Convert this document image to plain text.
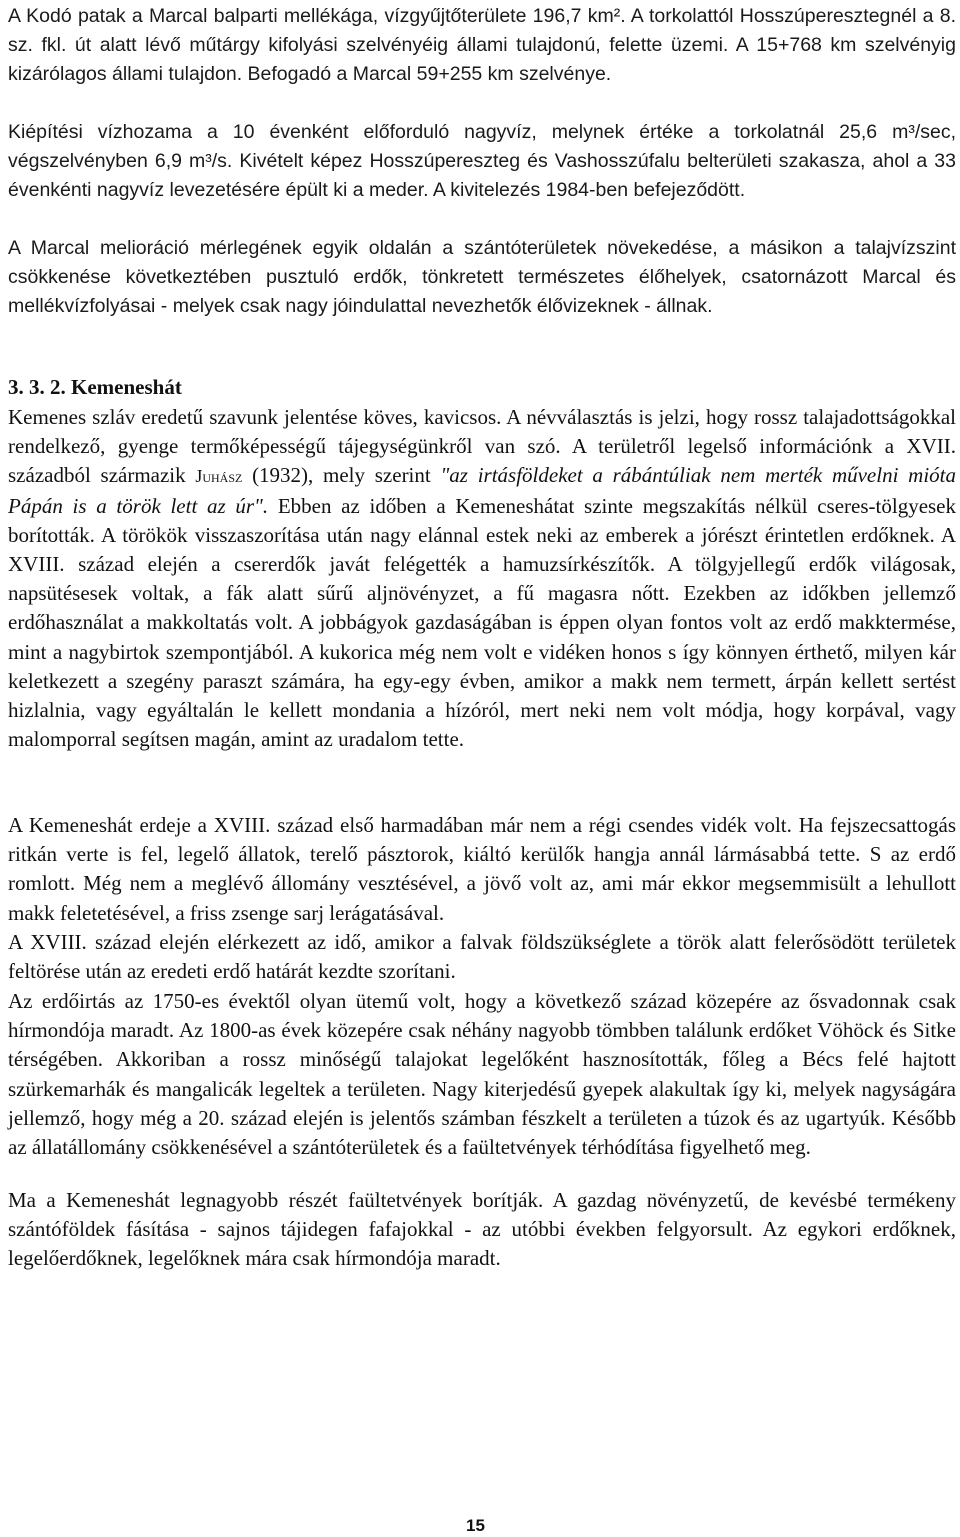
A Kodó patak a Marcal balparti mellékága, vízgyűjtőterülete 196,7 km². A torkolattól Hosszúperesztegnél a 8. sz. fkl. út alatt lévő műtárgy kifolyási szelvényéig állami tulajdonú, felette üzemi. A 15+768 km szelvényig kizárólagos állami tulajdon. Befogadó a Marcal 59+255 km szelvénye.

Kiépítési vízhozama a 10 évenként előforduló nagyvíz, melynek értéke a torkolatnál 25,6 m³/sec, végszelvényben 6,9 m³/s. Kivételt képez Hosszúpereszteg és Vashosszúfalu belterületi szakasza, ahol a 33 évenkénti nagyvíz levezetésére épült ki a meder. A kivitelezés 1984-ben befejeződött.

A Marcal melioráció mérlegének egyik oldalán a szántóterületek növekedése, a másikon a talajvízszint csökkenése következtében pusztuló erdők, tönkretett természetes élőhelyek, csatornázott Marcal és mellékvízfolyásai - melyek csak nagy jóindulattal nevezhetők élővizeknek - állnak.

3. 3. 2. Kemeneshát

Kemenes szláv eredetű szavunk jelentése köves, kavicsos. A névválasztás is jelzi, hogy rossz talajadottságokkal rendelkező, gyenge termőképességű tájegységünkről van szó. A területről legelső információnk a XVII. századból származik Juhász (1932), mely szerint "az irtásföldeket a rábántúliak nem merték művelni mióta Pápán is a török lett az úr". Ebben az időben a Kemeneshátat szinte megszakítás nélkül cseres-tölgyesek borították. A törökök visszaszorítása után nagy elánnal estek neki az emberek a jórészt érintetlen erdőknek. A XVIII. század elején a csererdők javát felégették a hamuzsírkészítők. A tölgyjellegű erdők világosak, napsütésesek voltak, a fák alatt sűrű aljnövényzet, a fű magasra nőtt. Ezekben az időkben jellemző erdőhasználat a makkoltatás volt. A jobbágyok gazdaságában is éppen olyan fontos volt az erdő makktermése, mint a nagybirtok szempontjából. A kukorica még nem volt e vidéken honos s így könnyen érthető, milyen kár keletkezett a szegény paraszt számára, ha egy-egy évben, amikor a makk nem termett, árpán kellett sertést hizlalnia, vagy egyáltalán le kellett mondania a hízóról, mert neki nem volt módja, hogy korpával, vagy malomporral segítsen magán, amint az uradalom tette.

A Kemeneshát erdeje a XVIII. század első harmadában már nem a régi csendes vidék volt. Ha fejszecsattogás ritkán verte is fel, legelő állatok, terelő pásztorok, kiáltó kerülők hangja annál lármásabbá tette. S az erdő romlott. Még nem a meglévő állomány vesztésével, a jövő volt az, ami már ekkor megsemmisült a lehullott makk feletetésével, a friss zsenge sarj lerágatásával.

A XVIII. század elején elérkezett az idő, amikor a falvak földszükséglete a török alatt felerősödött területek feltörése után az eredeti erdő határát kezdte szorítani.

Az erdőirtás az 1750-es évektől olyan ütemű volt, hogy a következő század közepére az ősvadonnak csak hírmondója maradt. Az 1800-as évek közepére csak néhány nagyobb tömbben találunk erdőket Vöhöck és Sitke térségében. Akkoriban a rossz minőségű talajokat legelőként hasznosították, főleg a Bécs felé hajtott szürkemarhák és mangalicák legeltek a területen. Nagy kiterjedésű gyepek alakultak így ki, melyek nagyságára jellemző, hogy még a 20. század elején is jelentős számban fészkelt a területen a túzok és az ugartyúk. Később az állatállomány csökkenésével a szántóterületek és a faültetvények térhódítása figyelhető meg.

Ma a Kemeneshát legnagyobb részét faültetvények borítják. A gazdag növényzetű, de kevésbé termékeny szántóföldek fásítása - sajnos tájidegen fafajokkal - az utóbbi években felgyorsult. Az egykori erdőknek, legelőerdőknek, legelőknek mára csak hírmondója maradt.

15
